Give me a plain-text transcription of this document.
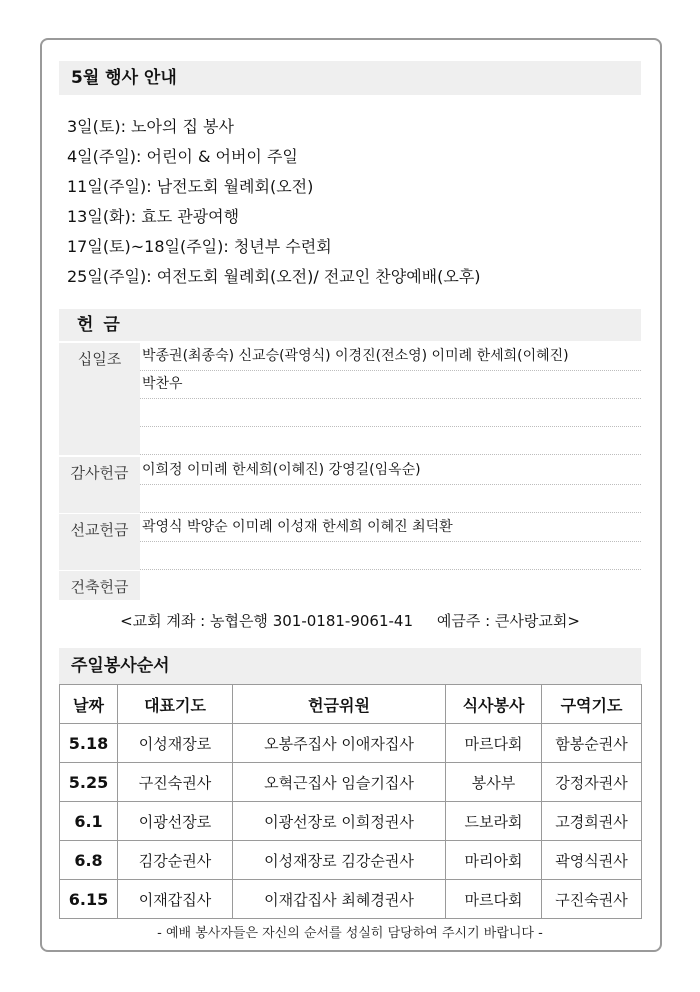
5월 행사 안내
3일(토): 노아의 집 봉사
4일(주일): 어린이 & 어버이 주일
11일(주일): 남전도회 월례회(오전)
13일(화): 효도 관광여행
17일(토)~18일(주일): 청년부 수련회
25일(주일): 여전도회 월례회(오전)/ 전교인 찬양예배(오후)
헌 금
십일조	박종권(최종숙) 신교승(곽영식) 이경진(전소영) 이미례 한세희(이혜진)
박찬우
감사헌금 이희정 이미례 한세희(이혜진) 강영길(임옥순)
선교헌금 곽영식 박양순 이미례 이성재 한세희 이혜진 최덕환
건축헌금
<교회 계좌 : 농협은행 301-0181-9061-41     예금주 : 큰사랑교회>
주일봉사순서
날짜	대표기도	헌금위원	식사봉사	구역기도
5.18	이성재장로	오봉주집사 이애자집사	마르다회	함봉순권사
5.25	구진숙권사	오혁근집사 임슬기집사	봉사부	강정자권사
6.1	이광선장로	이광선장로 이희정권사	드보라회	고경희권사
6.8	김강순권사	이성재장로 김강순권사	마리아회	곽영식권사
6.15	이재갑집사	이재갑집사 최혜경권사	마르다회	구진숙권사
- 예배 봉사자들은 자신의 순서를 성실히 담당하여 주시기 바랍니다 -
